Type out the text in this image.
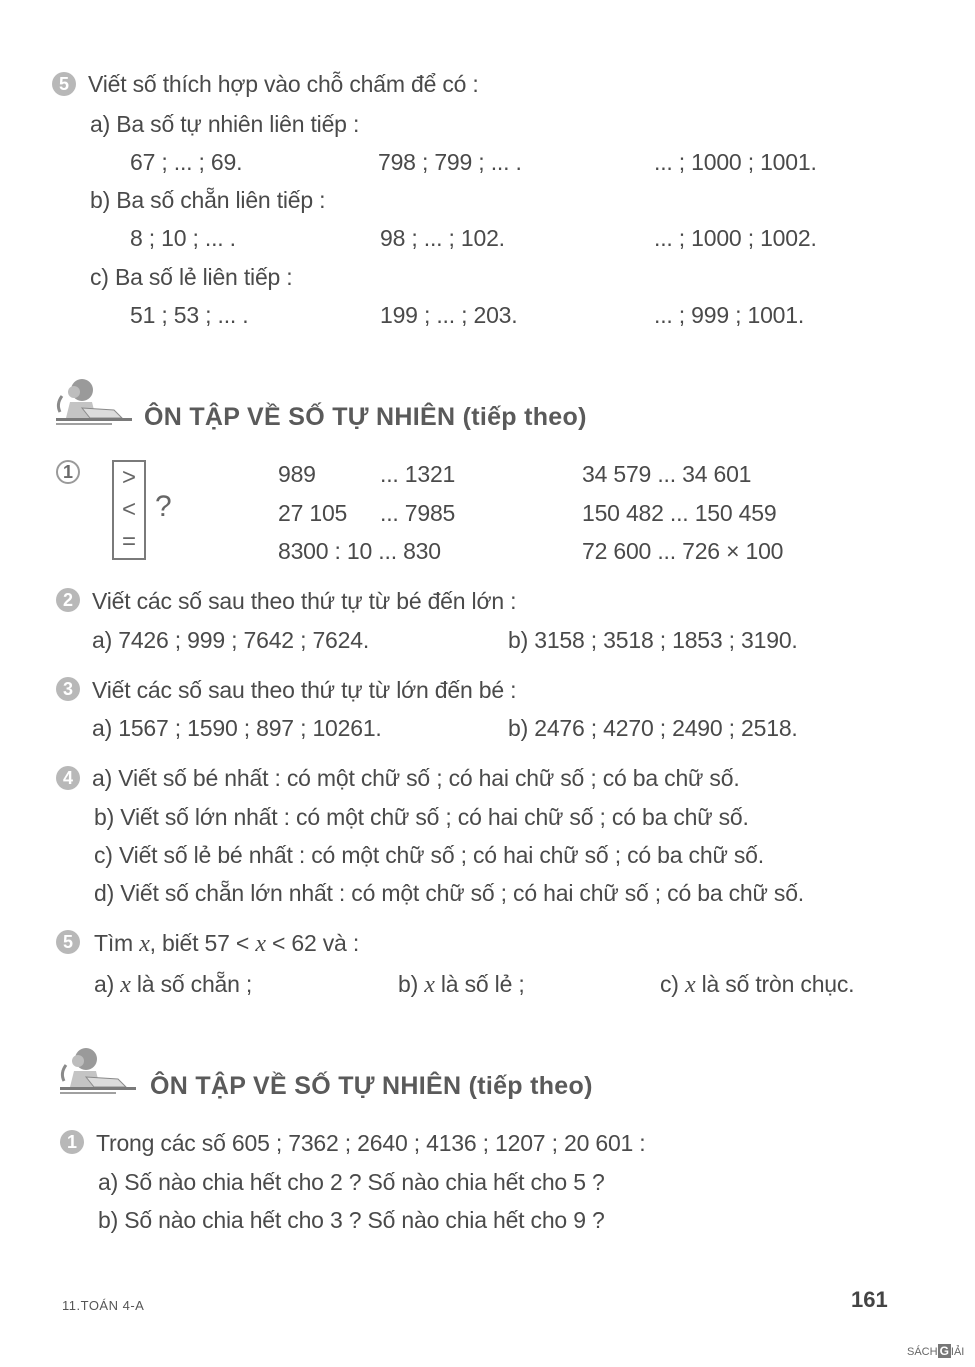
5 Viết số thích hợp vào chỗ chấm để có :
a) Ba số tự nhiên liên tiếp :
67 ; ... ; 69.	798 ; 799 ; ... .	... ; 1000 ; 1001.
b) Ba số chẵn liên tiếp :
8 ; 10 ; ... .	98 ; ... ; 102.	... ; 1000 ; 1002.
c) Ba số lẻ liên tiếp :
51 ; 53 ; ... .	199 ; ... ; 203.	... ; 999 ; 1001.
ÔN TẬP VỀ SỐ TỰ NHIÊN (tiếp theo)
1	>
<
=
?
989	... 1321	34 579 ... 34 601
27 105 ... 7985	150 482 ... 150 459
8300 : 10 ... 830	72 600 ... 726 × 100
2 Viết các số sau theo thứ tự từ bé đến lớn :
a) 7426 ; 999 ; 7642 ; 7624.	b) 3158 ; 3518 ; 1853 ; 3190.
3 Viết các số sau theo thứ tự từ lớn đến bé :
a) 1567 ; 1590 ; 897 ; 10261.	b) 2476 ; 4270 ; 2490 ; 2518.
4 a) Viết số bé nhất : có một chữ số ; có hai chữ số ; có ba chữ số.
b) Viết số lớn nhất : có một chữ số ; có hai chữ số ; có ba chữ số.
c) Viết số lẻ bé nhất : có một chữ số ; có hai chữ số ; có ba chữ số.
d) Viết số chẵn lớn nhất : có một chữ số ; có hai chữ số ; có ba chữ số.
5 Tìm x, biết 57 < x < 62 và :
a) x là số chẵn ;	b) x là số lẻ ;	c) x là số tròn chục.
ÔN TẬP VỀ SỐ TỰ NHIÊN (tiếp theo)
1 Trong các số 605 ; 7362 ; 2640 ; 4136 ; 1207 ; 20 601 :
a) Số nào chia hết cho 2 ? Số nào chia hết cho 5 ?
b) Số nào chia hết cho 3 ? Số nào chia hết cho 9 ?
11.TOÁN 4-A	161
SÁCH G IẢI
